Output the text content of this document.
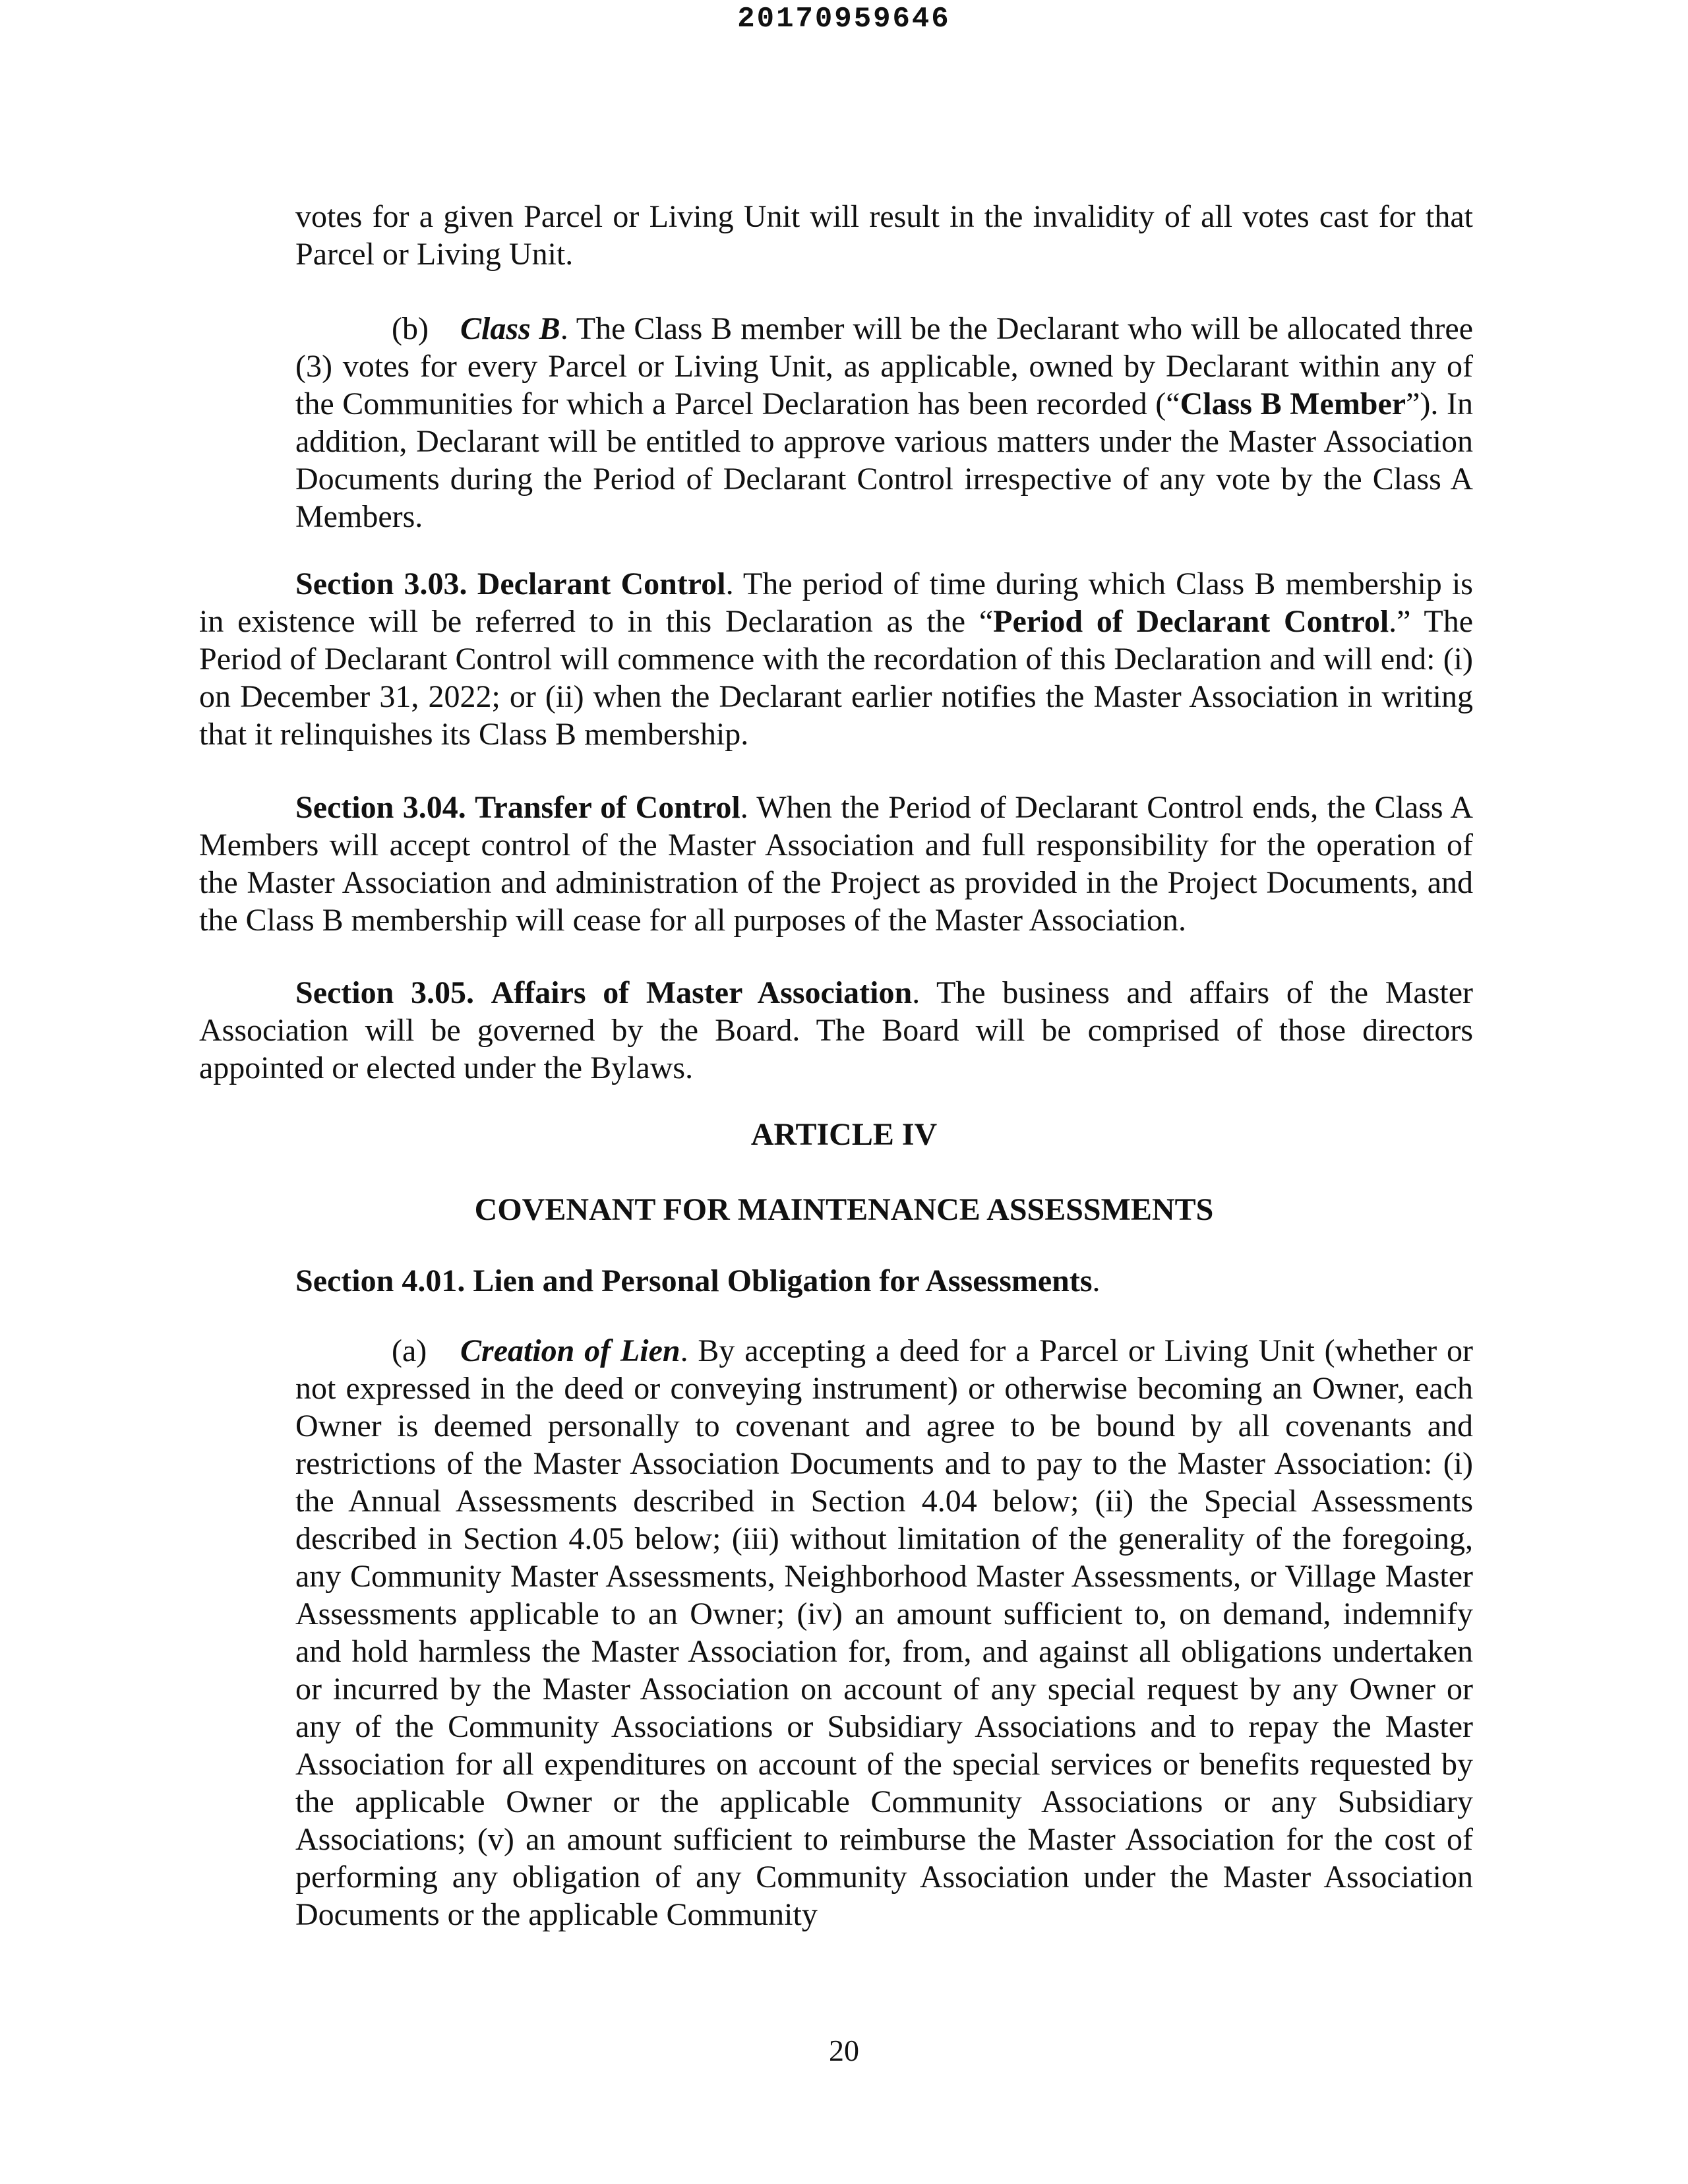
20170959646

votes for a given Parcel or Living Unit will result in the invalidity of all votes cast for that Parcel or Living Unit.

(b) Class B. The Class B member will be the Declarant who will be allocated three (3) votes for every Parcel or Living Unit, as applicable, owned by Declarant within any of the Communities for which a Parcel Declaration has been recorded (“Class B Member”). In addition, Declarant will be entitled to approve various matters under the Master Association Documents during the Period of Declarant Control irrespective of any vote by the Class A Members.

Section 3.03. Declarant Control. The period of time during which Class B membership is in existence will be referred to in this Declaration as the “Period of Declarant Control.” The Period of Declarant Control will commence with the recordation of this Declaration and will end: (i) on December 31, 2022; or (ii) when the Declarant earlier notifies the Master Association in writing that it relinquishes its Class B membership.

Section 3.04. Transfer of Control. When the Period of Declarant Control ends, the Class A Members will accept control of the Master Association and full responsibility for the operation of the Master Association and administration of the Project as provided in the Project Documents, and the Class B membership will cease for all purposes of the Master Association.

Section 3.05. Affairs of Master Association. The business and affairs of the Master Association will be governed by the Board. The Board will be comprised of those directors appointed or elected under the Bylaws.

ARTICLE IV
COVENANT FOR MAINTENANCE ASSESSMENTS

Section 4.01. Lien and Personal Obligation for Assessments.

(a) Creation of Lien. By accepting a deed for a Parcel or Living Unit (whether or not expressed in the deed or conveying instrument) or otherwise becoming an Owner, each Owner is deemed personally to covenant and agree to be bound by all covenants and restrictions of the Master Association Documents and to pay to the Master Association: (i) the Annual Assessments described in Section 4.04 below; (ii) the Special Assessments described in Section 4.05 below; (iii) without limitation of the generality of the foregoing, any Community Master Assessments, Neighborhood Master Assessments, or Village Master Assessments applicable to an Owner; (iv) an amount sufficient to, on demand, indemnify and hold harmless the Master Association for, from, and against all obligations undertaken or incurred by the Master Association on account of any special request by any Owner or any of the Community Associations or Subsidiary Associations and to repay the Master Association for all expenditures on account of the special services or benefits requested by the applicable Owner or the applicable Community Associations or any Subsidiary Associations; (v) an amount sufficient to reimburse the Master Association for the cost of performing any obligation of any Community Association under the Master Association Documents or the applicable Community

20
